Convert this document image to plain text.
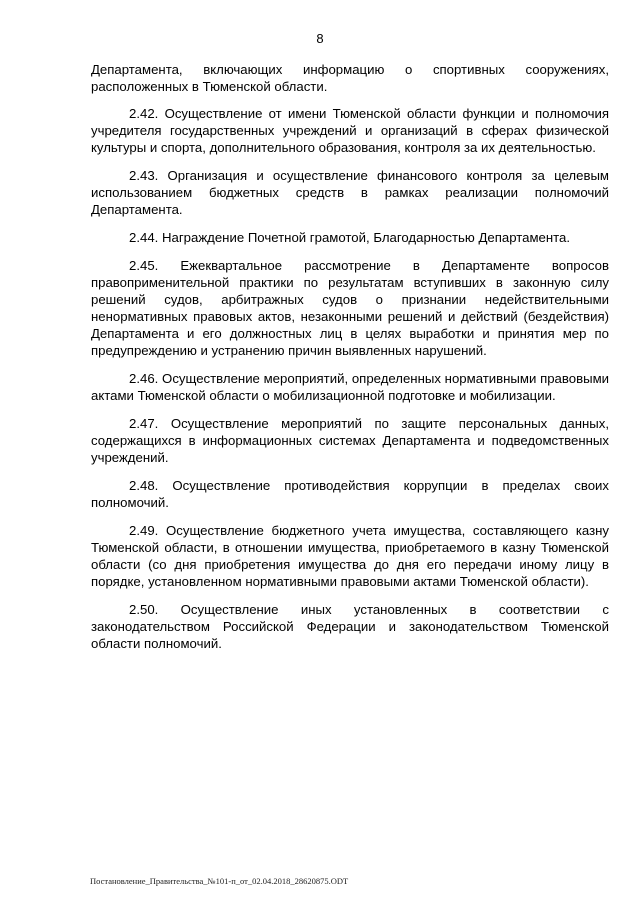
8

Департамента, включающих информацию о спортивных сооружениях, расположенных в Тюменской области.

2.42. Осуществление от имени Тюменской области функции и полномочия учредителя государственных учреждений и организаций в сферах физической культуры и спорта, дополнительного образования, контроля за их деятельностью.

2.43. Организация и осуществление финансового контроля за целевым использованием бюджетных средств в рамках реализации полномочий Департамента.

2.44. Награждение Почетной грамотой, Благодарностью Департамента.

2.45. Ежеквартальное рассмотрение в Департаменте вопросов правоприменительной практики по результатам вступивших в законную силу решений судов, арбитражных судов о признании недействительными ненормативных правовых актов, незаконными решений и действий (бездействия) Департамента и его должностных лиц в целях выработки и принятия мер по предупреждению и устранению причин выявленных нарушений.

2.46. Осуществление мероприятий, определенных нормативными правовыми актами Тюменской области о мобилизационной подготовке и мобилизации.

2.47. Осуществление мероприятий по защите персональных данных, содержащихся в информационных системах Департамента и подведомственных учреждений.

2.48. Осуществление противодействия коррупции в пределах своих полномочий.

2.49. Осуществление бюджетного учета имущества, составляющего казну Тюменской области, в отношении имущества, приобретаемого в казну Тюменской области (со дня приобретения имущества до дня его передачи иному лицу в порядке, установленном нормативными правовыми актами Тюменской области).

2.50. Осуществление иных установленных в соответствии с законодательством Российской Федерации и законодательством Тюменской области полномочий.

Постановление_Правительства_№101-п_от_02.04.2018_28620875.ODT
